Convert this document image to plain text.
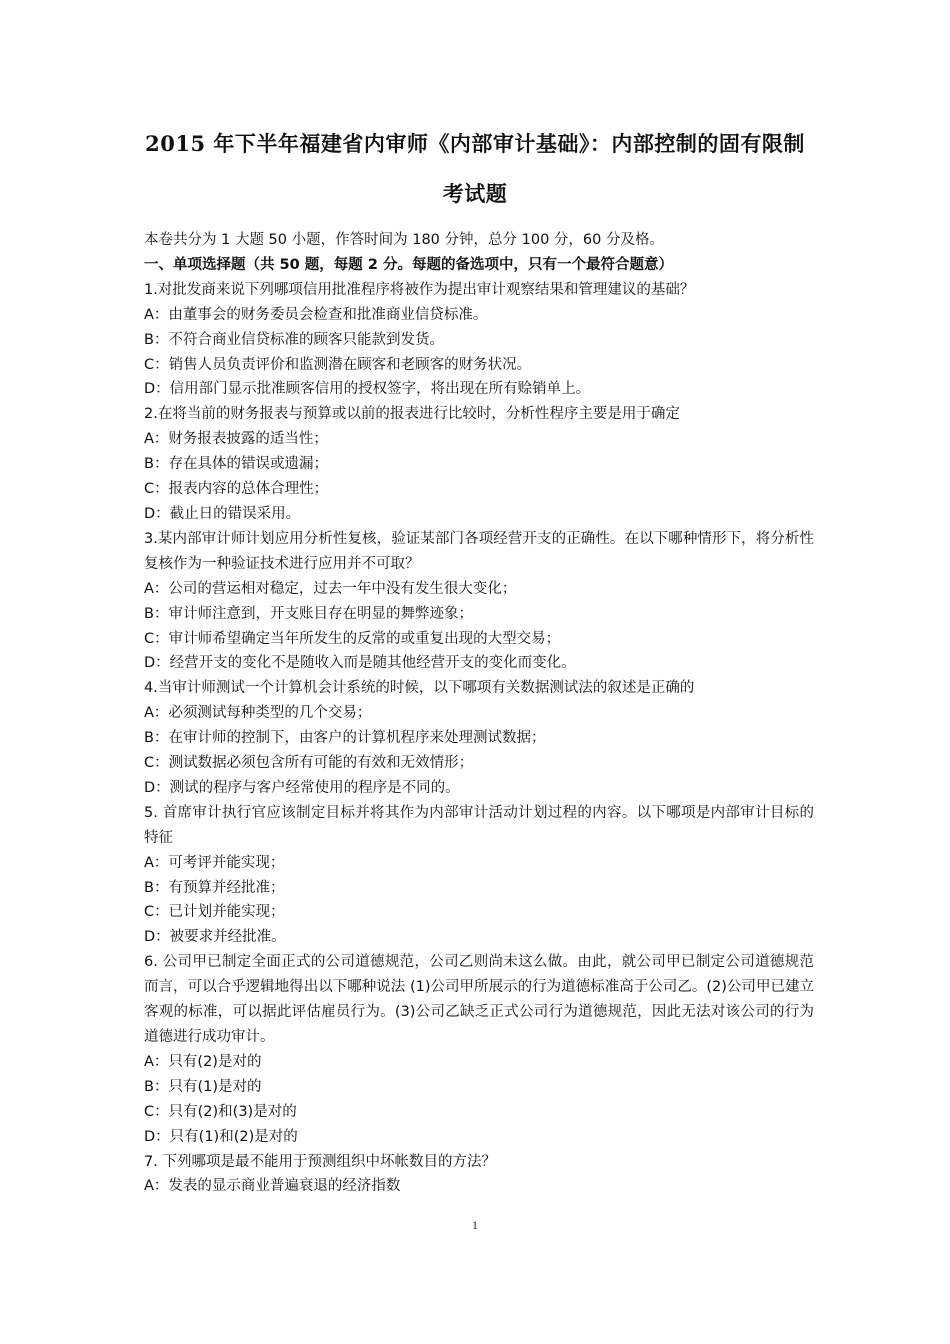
2015 年下半年福建省内审师《内部审计基础》：内部控制的固有限制
考试题

本卷共分为 1 大题 50 小题，作答时间为 180 分钟，总分 100 分，60 分及格。

一、单项选择题（共 50 题，每题 2 分。每题的备选项中，只有一个最符合题意）

1.对批发商来说下列哪项信用批准程序将被作为提出审计观察结果和管理建议的基础？

A：由董事会的财务委员会检查和批准商业信贷标准。

B：不符合商业信贷标准的顾客只能款到发货。

C：销售人员负责评价和监测潜在顾客和老顾客的财务状况。

D：信用部门显示批准顾客信用的授权签字，将出现在所有赊销单上。

2.在将当前的财务报表与预算或以前的报表进行比较时，分析性程序主要是用于确定

A：财务报表披露的适当性；

B：存在具体的错误或遗漏；

C：报表内容的总体合理性；

D：截止日的错误采用。

3.某内部审计师计划应用分析性复核，验证某部门各项经营开支的正确性。在以下哪种情形下，将分析性复核作为一种验证技术进行应用并不可取？

A：公司的营运相对稳定，过去一年中没有发生很大变化；

B：审计师注意到，开支账目存在明显的舞弊迹象；

C：审计师希望确定当年所发生的反常的或重复出现的大型交易；

D：经营开支的变化不是随收入而是随其他经营开支的变化而变化。

4.当审计师测试一个计算机会计系统的时候，以下哪项有关数据测试法的叙述是正确的

A：必须测试每种类型的几个交易；

B：在审计师的控制下，由客户的计算机程序来处理测试数据；

C：测试数据必须包含所有可能的有效和无效情形；

D：测试的程序与客户经常使用的程序是不同的。

5. 首席审计执行官应该制定目标并将其作为内部审计活动计划过程的内容。以下哪项是内部审计目标的特征

A：可考评并能实现；

B：有预算并经批准；

C：已计划并能实现；

D：被要求并经批准。

6. 公司甲已制定全面正式的公司道德规范，公司乙则尚未这么做。由此，就公司甲已制定公司道德规范而言，可以合乎逻辑地得出以下哪种说法 (1)公司甲所展示的行为道德标准高于公司乙。(2)公司甲已建立客观的标准，可以据此评估雇员行为。(3)公司乙缺乏正式公司行为道德规范，因此无法对该公司的行为道德进行成功审计。

A：只有(2)是对的

B：只有(1)是对的

C：只有(2)和(3)是对的

D：只有(1)和(2)是对的

7. 下列哪项是最不能用于预测组织中坏帐数目的方法？

A：发表的显示商业普遍衰退的经济指数

1
